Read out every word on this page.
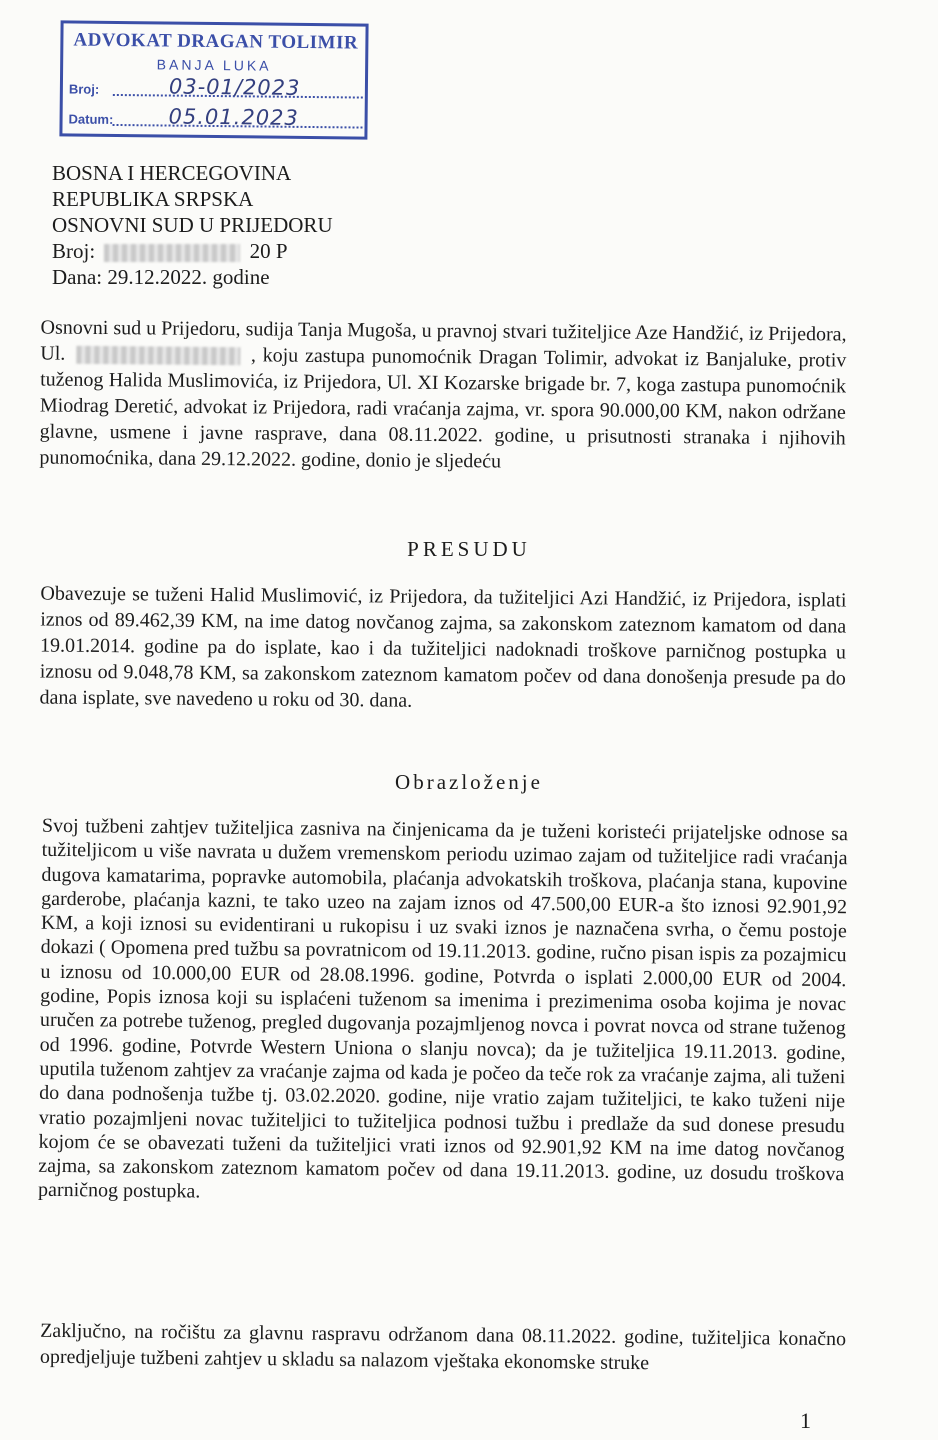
ADVOKAT DRAGAN TOLIMIR
BANJA LUKA
Broj:	03-01/2023
Datum:	05.01.2023
BOSNA I HERCEGOVINA
REPUBLIKA SRPSKA
OSNOVNI SUD U PRIJEDORU
Broj:	20 P
Dana: 29.12.2022. godine
Osnovni sud u Prijedoru, sudija Tanja Mugoša, u pravnoj stvari tužiteljice Aze Handžić, iz Prijedora, Ul.	, koju zastupa punomoćnik Dragan Tolimir, advokat iz Banjaluke, protiv tuženog Halida Muslimovića, iz Prijedora, Ul. XI Kozarske brigade br. 7, koga zastupa punomoćnik Miodrag Deretić, advokat iz Prijedora, radi vraćanja zajma, vr. spora 90.000,00 KM, nakon održane glavne, usmene i javne rasprave, dana 08.11.2022. godine, u prisutnosti stranaka i njihovih punomoćnika, dana 29.12.2022. godine, donio je sljedeću
PRESUDU
Obavezuje se tuženi Halid Muslimović, iz Prijedora, da tužiteljici Azi Handžić, iz Prijedora, isplati iznos od 89.462,39 KM, na ime datog novčanog zajma, sa zakonskom zateznom kamatom od dana 19.01.2014. godine pa do isplate, kao i da tužiteljici nadoknadi troškove parničnog postupka u iznosu od 9.048,78 KM, sa zakonskom zateznom kamatom počev od dana donošenja presude pa do dana isplate, sve navedeno u roku od 30. dana.
Obrazloženje
Svoj tužbeni zahtjev tužiteljica zasniva na činjenicama da je tuženi koristeći prijateljske odnose sa tužiteljicom u više navrata u dužem vremenskom periodu uzimao zajam od tužiteljice radi vraćanja dugova kamatarima, popravke automobila, plaćanja advokatskih troškova, plaćanja stana, kupovine garderobe, plaćanja kazni, te tako uzeo na zajam iznos od 47.500,00 EUR-a što iznosi 92.901,92 KM, a koji iznosi su evidentirani u rukopisu i uz svaki iznos je naznačena svrha, o čemu postoje dokazi ( Opomena pred tužbu sa povratnicom od 19.11.2013. godine, ručno pisan ispis za pozajmicu u iznosu od 10.000,00 EUR od 28.08.1996. godine, Potvrda o isplati 2.000,00 EUR od 2004. godine, Popis iznosa koji su isplaćeni tuženom sa imenima i prezimenima osoba kojima je novac uručen za potrebe tuženog, pregled dugovanja pozajmljenog novca i povrat novca od strane tuženog od 1996. godine, Potvrde Western Uniona o slanju novca); da je tužiteljica 19.11.2013. godine, uputila tuženom zahtjev za vraćanje zajma od kada je počeo da teče rok za vraćanje zajma, ali tuženi do dana podnošenja tužbe tj. 03.02.2020. godine, nije vratio zajam tužiteljici, te kako tuženi nije vratio pozajmljeni novac tužiteljici to tužiteljica podnosi tužbu i predlaže da sud donese presudu kojom će se obavezati tuženi da tužiteljici vrati iznos od 92.901,92 KM na ime datog novčanog zajma, sa zakonskom zateznom kamatom počev od dana 19.11.2013. godine, uz dosudu troškova parničnog postupka.
Zaključno, na ročištu za glavnu raspravu održanom dana 08.11.2022. godine, tužiteljica konačno opredjeljuje tužbeni zahtjev u skladu sa nalazom vještaka ekonomske struke
1
